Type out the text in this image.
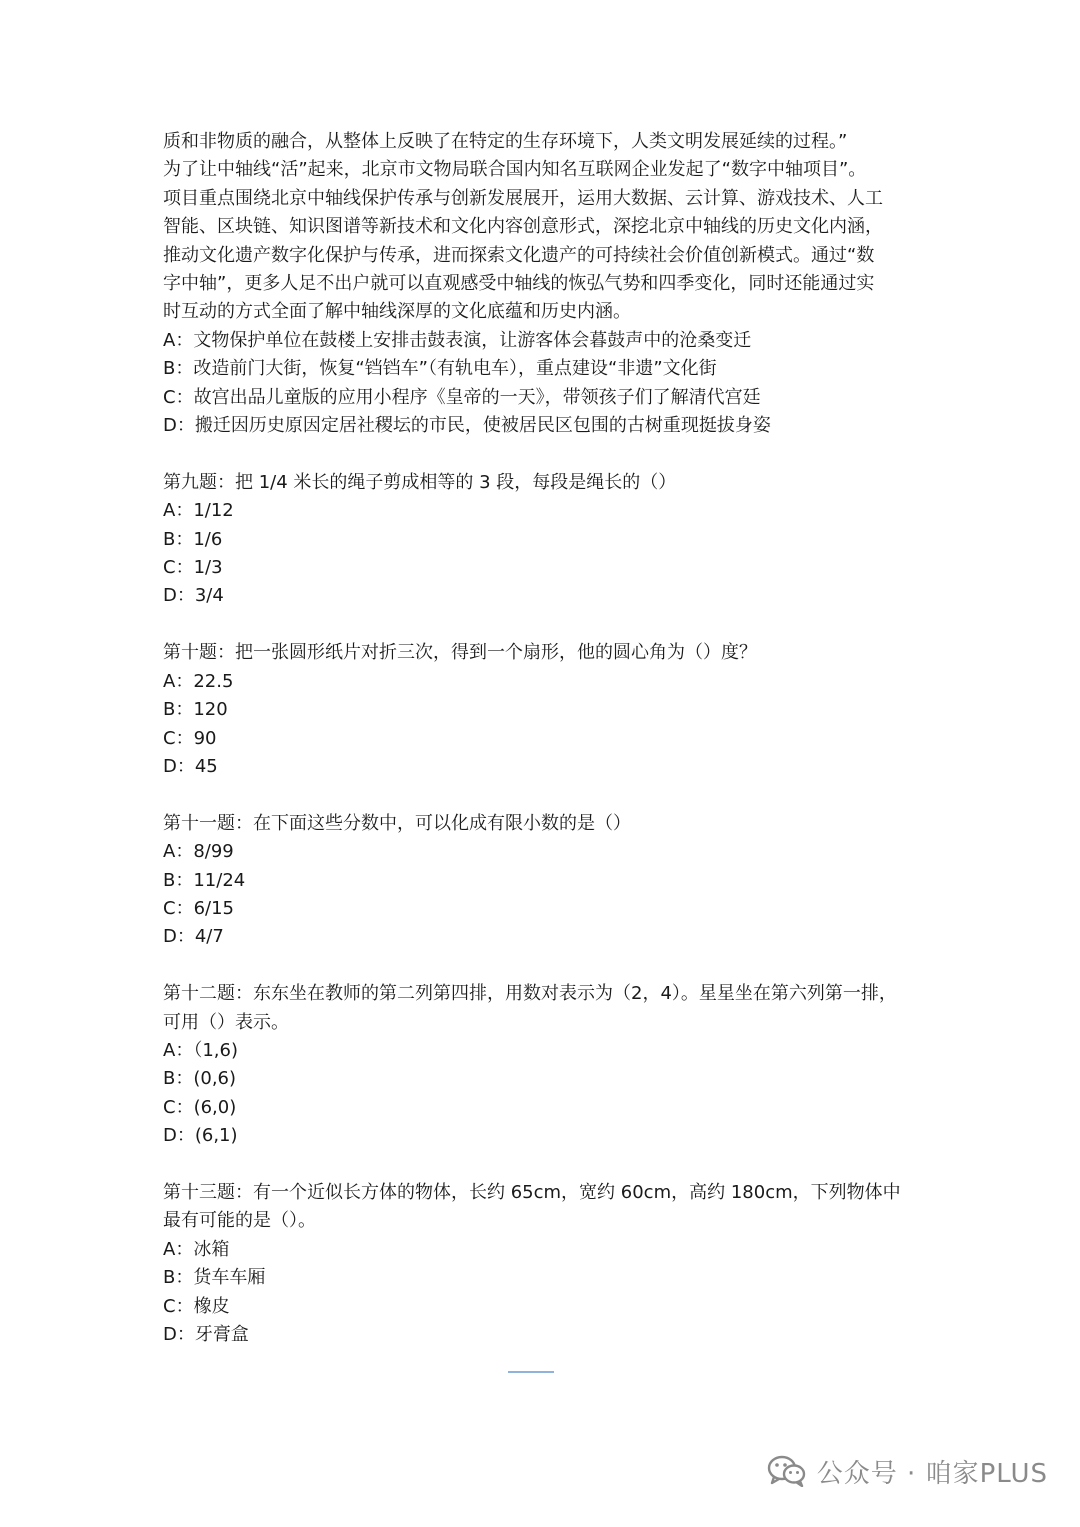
质和非物质的融合，从整体上反映了在特定的生存环境下，人类文明发展延续的过程。”

为了让中轴线“活”起来，北京市文物局联合国内知名互联网企业发起了“数字中轴项目”。

项目重点围绕北京中轴线保护传承与创新发展展开，运用大数据、云计算、游戏技术、人工

智能、区块链、知识图谱等新技术和文化内容创意形式，深挖北京中轴线的历史文化内涵，

推动文化遗产数字化保护与传承，进而探索文化遗产的可持续社会价值创新模式。通过“数

字中轴”，更多人足不出户就可以直观感受中轴线的恢弘气势和四季变化，同时还能通过实

时互动的方式全面了解中轴线深厚的文化底蕴和历史内涵。

A：文物保护单位在鼓楼上安排击鼓表演，让游客体会暮鼓声中的沧桑变迁

B：改造前门大街，恢复“铛铛车”（有轨电车），重点建设“非遗”文化街

C：故宫出品儿童版的应用小程序《皇帝的一天》，带领孩子们了解清代宫廷

D：搬迁因历史原因定居社稷坛的市民，使被居民区包围的古树重现挺拔身姿

第九题：把 1/4 米长的绳子剪成相等的 3 段，每段是绳长的（）

A：1/12

B：1/6

C：1/3

D：3/4

第十题：把一张圆形纸片对折三次，得到一个扇形，他的圆心角为（）度？

A：22.5

B：120

C：90

D：45

第十一题：在下面这些分数中，可以化成有限小数的是（）

A：8/99

B：11/24

C：6/15

D：4/7

第十二题：东东坐在教师的第二列第四排，用数对表示为（2，4）。星星坐在第六列第一排，

可用（）表示。

A：（1,6)

B：(0,6)

C：(6,0)

D：(6,1)

第十三题：有一个近似长方体的物体，长约 65cm，宽约 60cm，高约 180cm，下列物体中

最有可能的是（）。

A：冰箱

B：货车车厢

C：橡皮

D：牙膏盒

公众号 · 咱家PLUS
